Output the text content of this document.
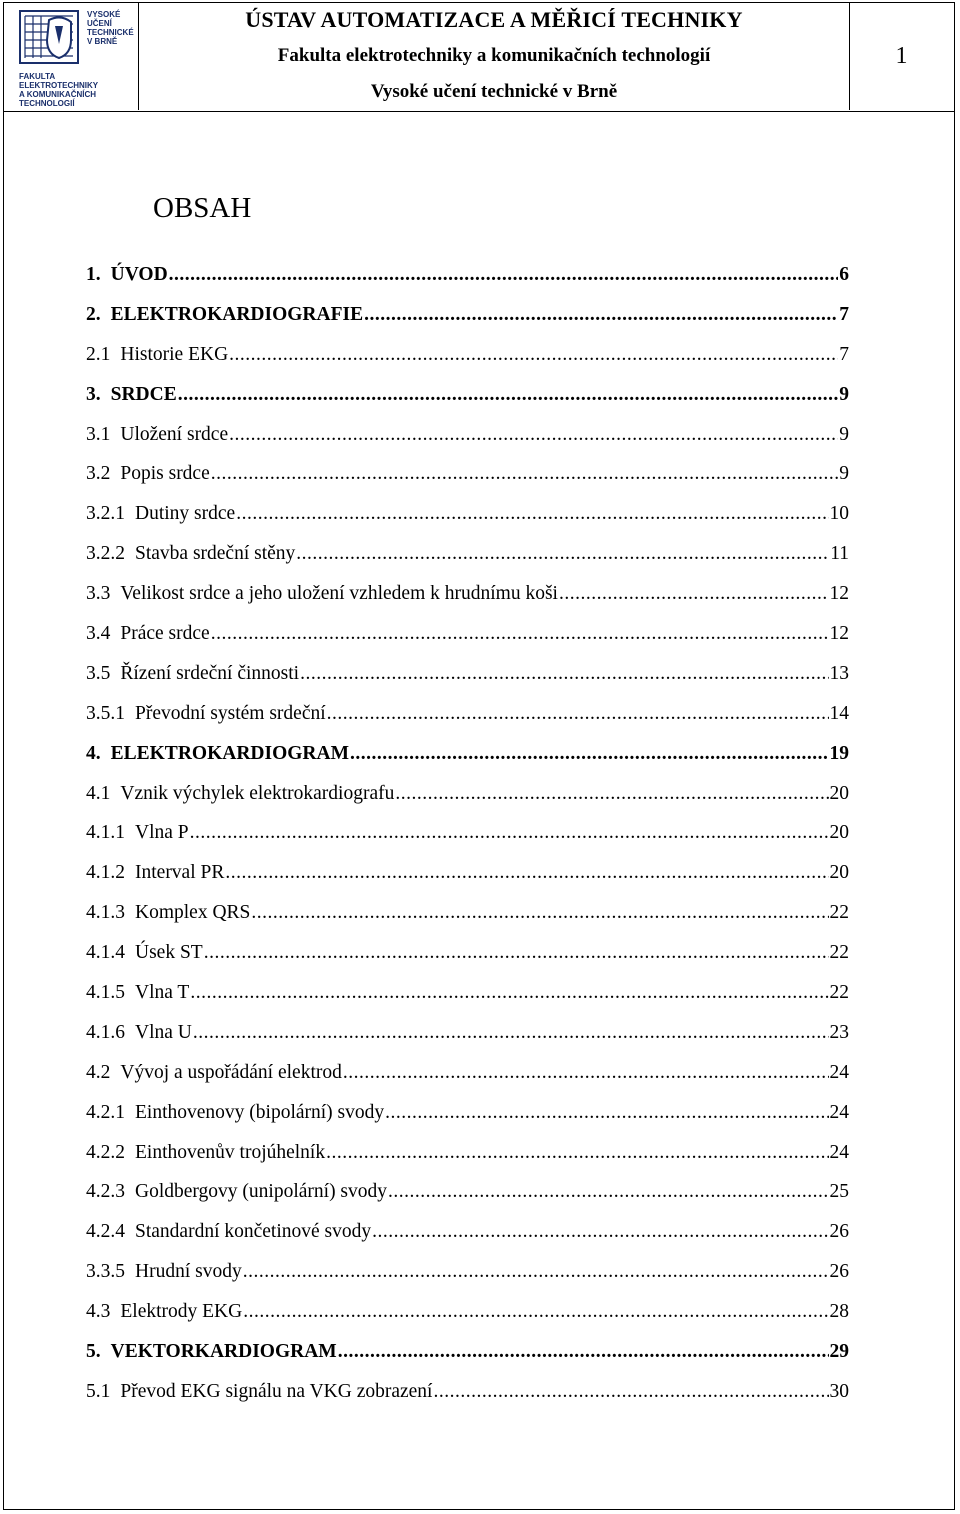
VYSOKÉ
UČENÍ
TECHNICKÉ
V BRNĚ
FAKULTA
ELEKTROTECHNIKY
A KOMUNIKAČNÍCH
TECHNOLOGIÍ
ÚSTAV AUTOMATIZACE A MĚŘICÍ TECHNIKY
Fakulta elektrotechniky a komunikačních technologií
Vysoké učení technické v Brně
1
OBSAH
1. ÚVOD .....	6
2. ELEKTROKARDIOGRAFIE .....	7
2.1 Historie EKG .....	7
3. SRDCE .....	9
3.1 Uložení srdce .....	9
3.2 Popis srdce .....	9
3.2.1 Dutiny srdce .....	10
3.2.2 Stavba srdeční stěny .....	11
3.3 Velikost srdce a jeho uložení vzhledem k hrudnímu koši .....	12
3.4 Práce srdce .....	12
3.5 Řízení srdeční činnosti .....	13
3.5.1 Převodní systém srdeční .....	14
4. ELEKTROKARDIOGRAM .....	19
4.1 Vznik výchylek elektrokardiografu .....	20
4.1.1 Vlna P .....	20
4.1.2 Interval PR .....	20
4.1.3 Komplex QRS .....	22
4.1.4 Úsek ST .....	22
4.1.5 Vlna T .....	22
4.1.6 Vlna U .....	23
4.2 Vývoj a uspořádání elektrod .....	24
4.2.1 Einthovenovy (bipolární) svody .....	24
4.2.2 Einthovenův trojúhelník .....	24
4.2.3 Goldbergovy (unipolární) svody .....	25
4.2.4 Standardní končetinové svody .....	26
3.3.5 Hrudní svody .....	26
4.3 Elektrody EKG .....	28
5. VEKTORKARDIOGRAM .....	29
5.1 Převod EKG signálu na VKG zobrazení .....	30
